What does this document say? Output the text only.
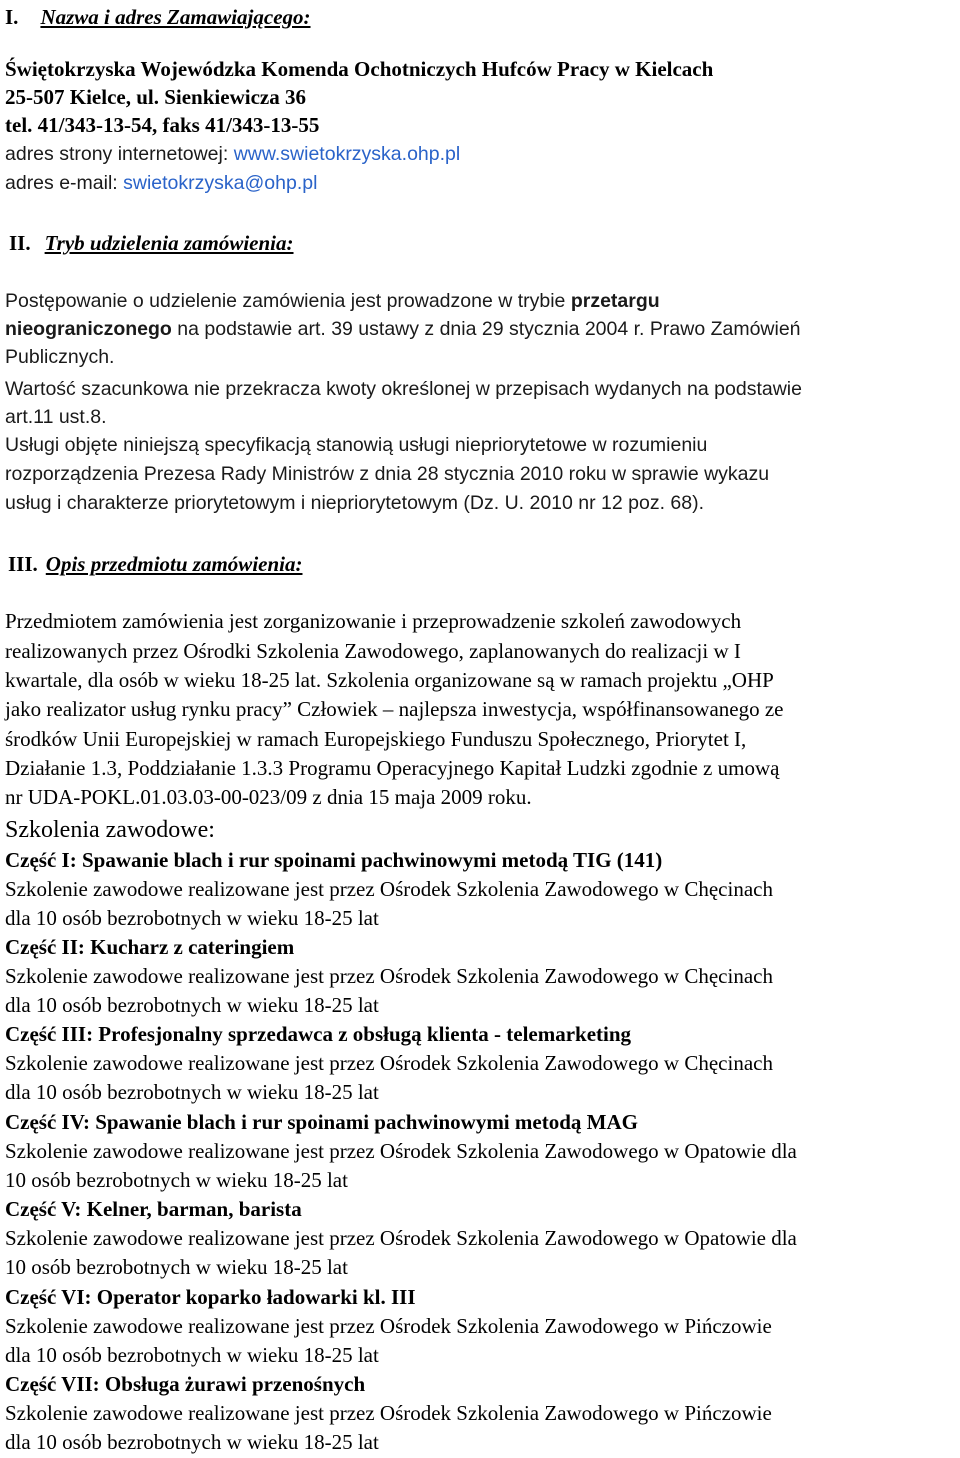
I. Nazwa i adres Zamawiającego:
Świętokrzyska Wojewódzka Komenda Ochotniczych Hufców Pracy w Kielcach
25-507 Kielce, ul. Sienkiewicza 36
tel. 41/343-13-54, faks 41/343-13-55
adres strony internetowej: www.swietokrzyska.ohp.pl
adres e-mail: swietokrzyska@ohp.pl
II. Tryb udzielenia zamówienia:
Postępowanie o udzielenie zamówienia jest prowadzone w trybie przetargu
nieograniczonego na podstawie art. 39 ustawy z dnia 29 stycznia 2004 r. Prawo Zamówień
Publicznych.
Wartość szacunkowa nie przekracza kwoty określonej w przepisach wydanych na podstawie
art.11 ust.8.
Usługi objęte niniejszą specyfikacją stanowią usługi niepriorytetowe w rozumieniu
rozporządzenia Prezesa Rady Ministrów z dnia 28 stycznia 2010 roku w sprawie wykazu
usług i charakterze priorytetowym i niepriorytetowym (Dz. U. 2010 nr 12 poz. 68).
III. Opis przedmiotu zamówienia:
Przedmiotem zamówienia jest zorganizowanie i przeprowadzenie szkoleń zawodowych
realizowanych przez Ośrodki Szkolenia Zawodowego, zaplanowanych do realizacji w I
kwartale, dla osób w wieku 18-25 lat. Szkolenia organizowane są w ramach projektu „OHP
jako realizator usług rynku pracy” Człowiek – najlepsza inwestycja, współfinansowanego ze
środków Unii Europejskiej w ramach Europejskiego Funduszu Społecznego, Priorytet I,
Działanie 1.3, Poddziałanie 1.3.3 Programu Operacyjnego Kapitał Ludzki zgodnie z umową
nr UDA-POKL.01.03.03-00-023/09 z dnia 15 maja 2009 roku.
Szkolenia zawodowe:
Część I: Spawanie blach i rur spoinami pachwinowymi metodą TIG (141)
Szkolenie zawodowe realizowane jest przez Ośrodek Szkolenia Zawodowego w Chęcinach
dla 10 osób bezrobotnych w wieku 18-25 lat
Część II: Kucharz z cateringiem
Szkolenie zawodowe realizowane jest przez Ośrodek Szkolenia Zawodowego w Chęcinach
dla 10 osób bezrobotnych w wieku 18-25 lat
Część III: Profesjonalny sprzedawca z obsługą klienta - telemarketing
Szkolenie zawodowe realizowane jest przez Ośrodek Szkolenia Zawodowego w Chęcinach
dla 10 osób bezrobotnych w wieku 18-25 lat
Część IV: Spawanie blach i rur spoinami pachwinowymi metodą MAG
Szkolenie zawodowe realizowane jest przez Ośrodek Szkolenia Zawodowego w Opatowie dla
10 osób bezrobotnych w wieku 18-25 lat
Część V: Kelner, barman, barista
Szkolenie zawodowe realizowane jest przez Ośrodek Szkolenia Zawodowego w Opatowie dla
10 osób bezrobotnych w wieku 18-25 lat
Część VI: Operator koparko ładowarki kl. III
Szkolenie zawodowe realizowane jest przez Ośrodek Szkolenia Zawodowego w Pińczowie
dla 10 osób bezrobotnych w wieku 18-25 lat
Część VII: Obsługa żurawi przenośnych
Szkolenie zawodowe realizowane jest przez Ośrodek Szkolenia Zawodowego w Pińczowie
dla 10 osób bezrobotnych w wieku 18-25 lat
